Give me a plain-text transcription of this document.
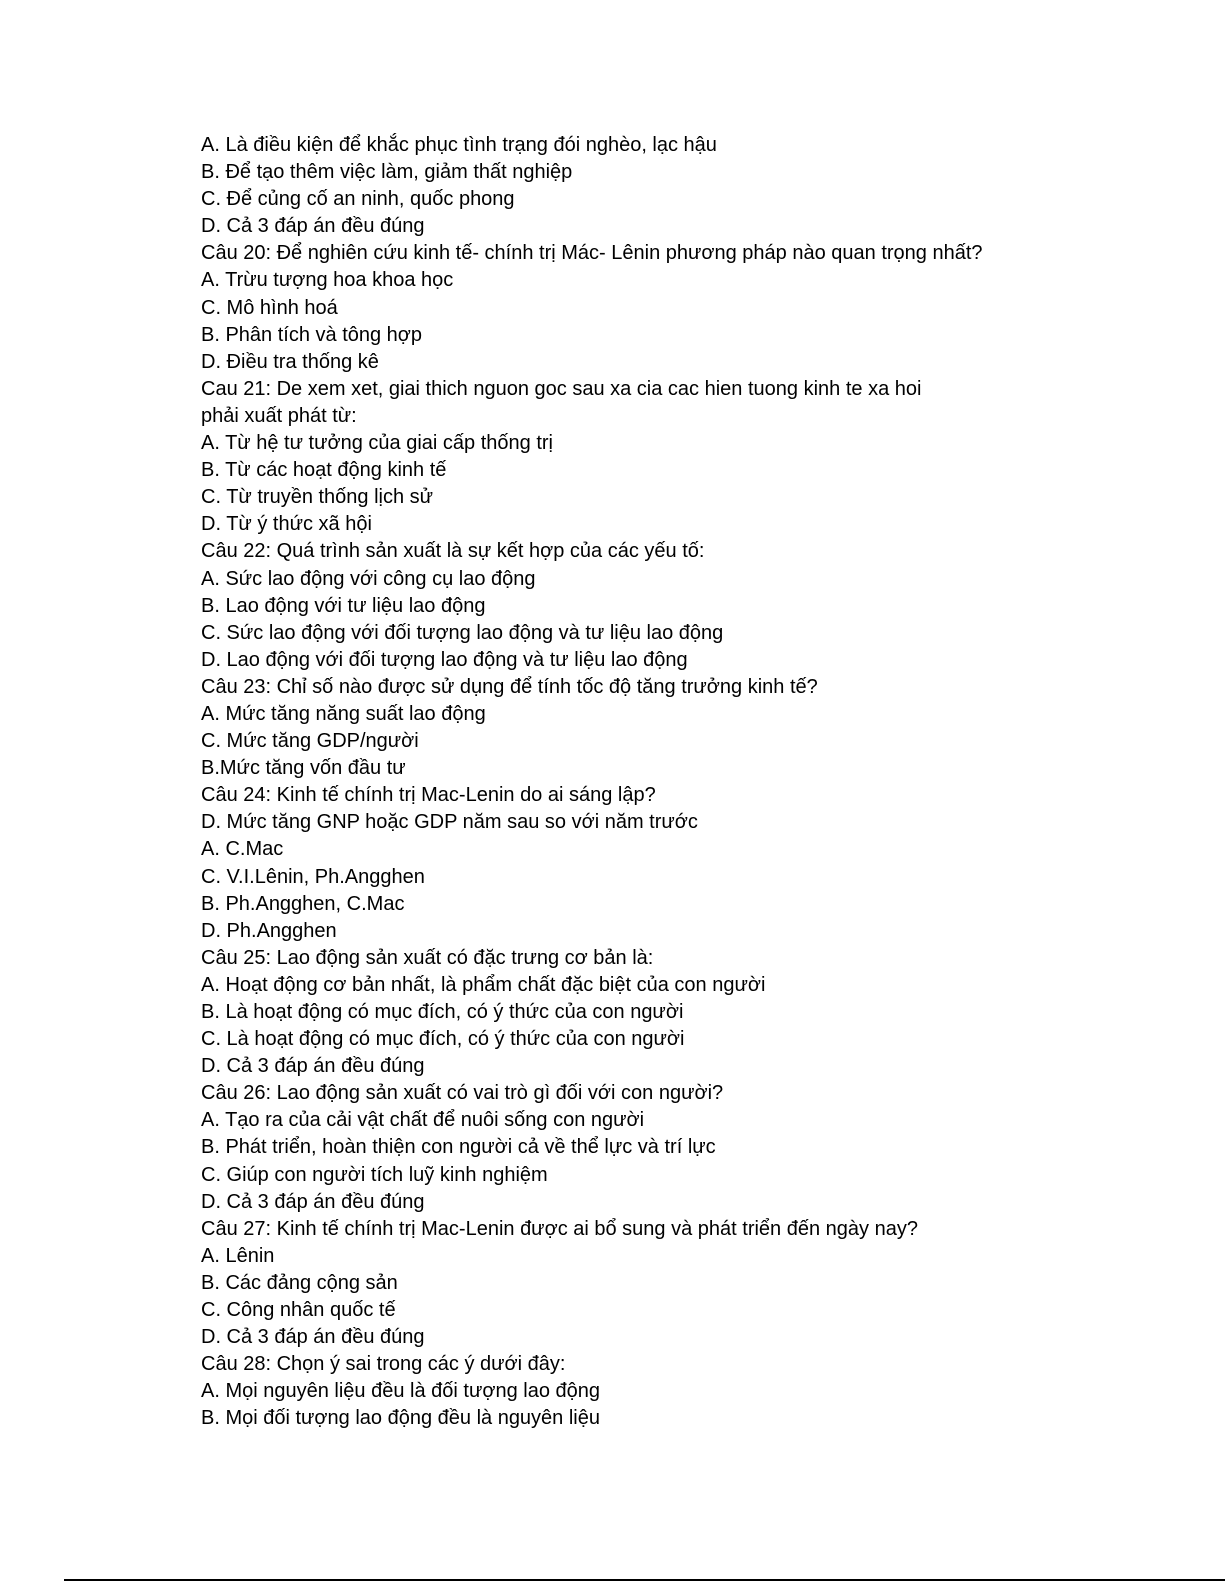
A. Là điều kiện để khắc phục tình trạng đói nghèo, lạc hậu
B. Để tạo thêm việc làm, giảm thất nghiệp
C. Để củng cố an ninh, quốc phong
D. Cả 3 đáp án đều đúng
Câu 20: Để nghiên cứu kinh tế- chính trị Mác- Lênin phương pháp nào quan trọng nhất?
A. Trừu tượng hoa khoa học
C. Mô hình hoá
B. Phân tích và tông hợp
D. Điều tra thống kê
Cau 21: De xem xet, giai thich nguon goc sau xa cia cac hien tuong kinh te xa hoi
phải xuất phát từ:
A. Từ hệ tư tưởng của giai cấp thống trị
B. Từ các hoạt động kinh tế
C. Từ truyền thống lịch sử
D. Từ ý thức xã hội
Câu 22: Quá trình sản xuất là sự kết hợp của các yếu tố:
A. Sức lao động với công cụ lao động
B. Lao động với tư liệu lao động
C. Sức lao động với đối tượng lao động và tư liệu lao động
D. Lao động với đối tượng lao động và tư liệu lao động
Câu 23: Chỉ số nào được sử dụng để tính tốc độ tăng trưởng kinh tế?
A. Mức tăng năng suất lao động
C. Mức tăng GDP/người
B.Mức tăng vốn đầu tư
Câu 24: Kinh tế chính trị Mac-Lenin do ai sáng lập?
D. Mức tăng GNP hoặc GDP năm sau so với năm trước
A. C.Mac
C. V.I.Lênin, Ph.Angghen
B. Ph.Angghen, C.Mac
D. Ph.Angghen
Câu 25: Lao động sản xuất có đặc trưng cơ bản là:
A. Hoạt động cơ bản nhất, là phẩm chất đặc biệt của con người
B. Là hoạt động có mục đích, có ý thức của con người
C. Là hoạt động có mục đích, có ý thức của con người
D. Cả 3 đáp án đều đúng
Câu 26: Lao động sản xuất có vai trò gì đối với con người?
A. Tạo ra của cải vật chất để nuôi sống con người
B. Phát triển, hoàn thiện con người cả về thể lực và trí lực
C. Giúp con người tích luỹ kinh nghiệm
D. Cả 3 đáp án đều đúng
Câu 27: Kinh tế chính trị Mac-Lenin được ai bổ sung và phát triển đến ngày nay?
A. Lênin
B. Các đảng cộng sản
C. Công nhân quốc tế
D. Cả 3 đáp án đều đúng
Câu 28: Chọn ý sai trong các ý dưới đây:
A. Mọi nguyên liệu đều là đối tượng lao động
B. Mọi đối tượng lao động đều là nguyên liệu
